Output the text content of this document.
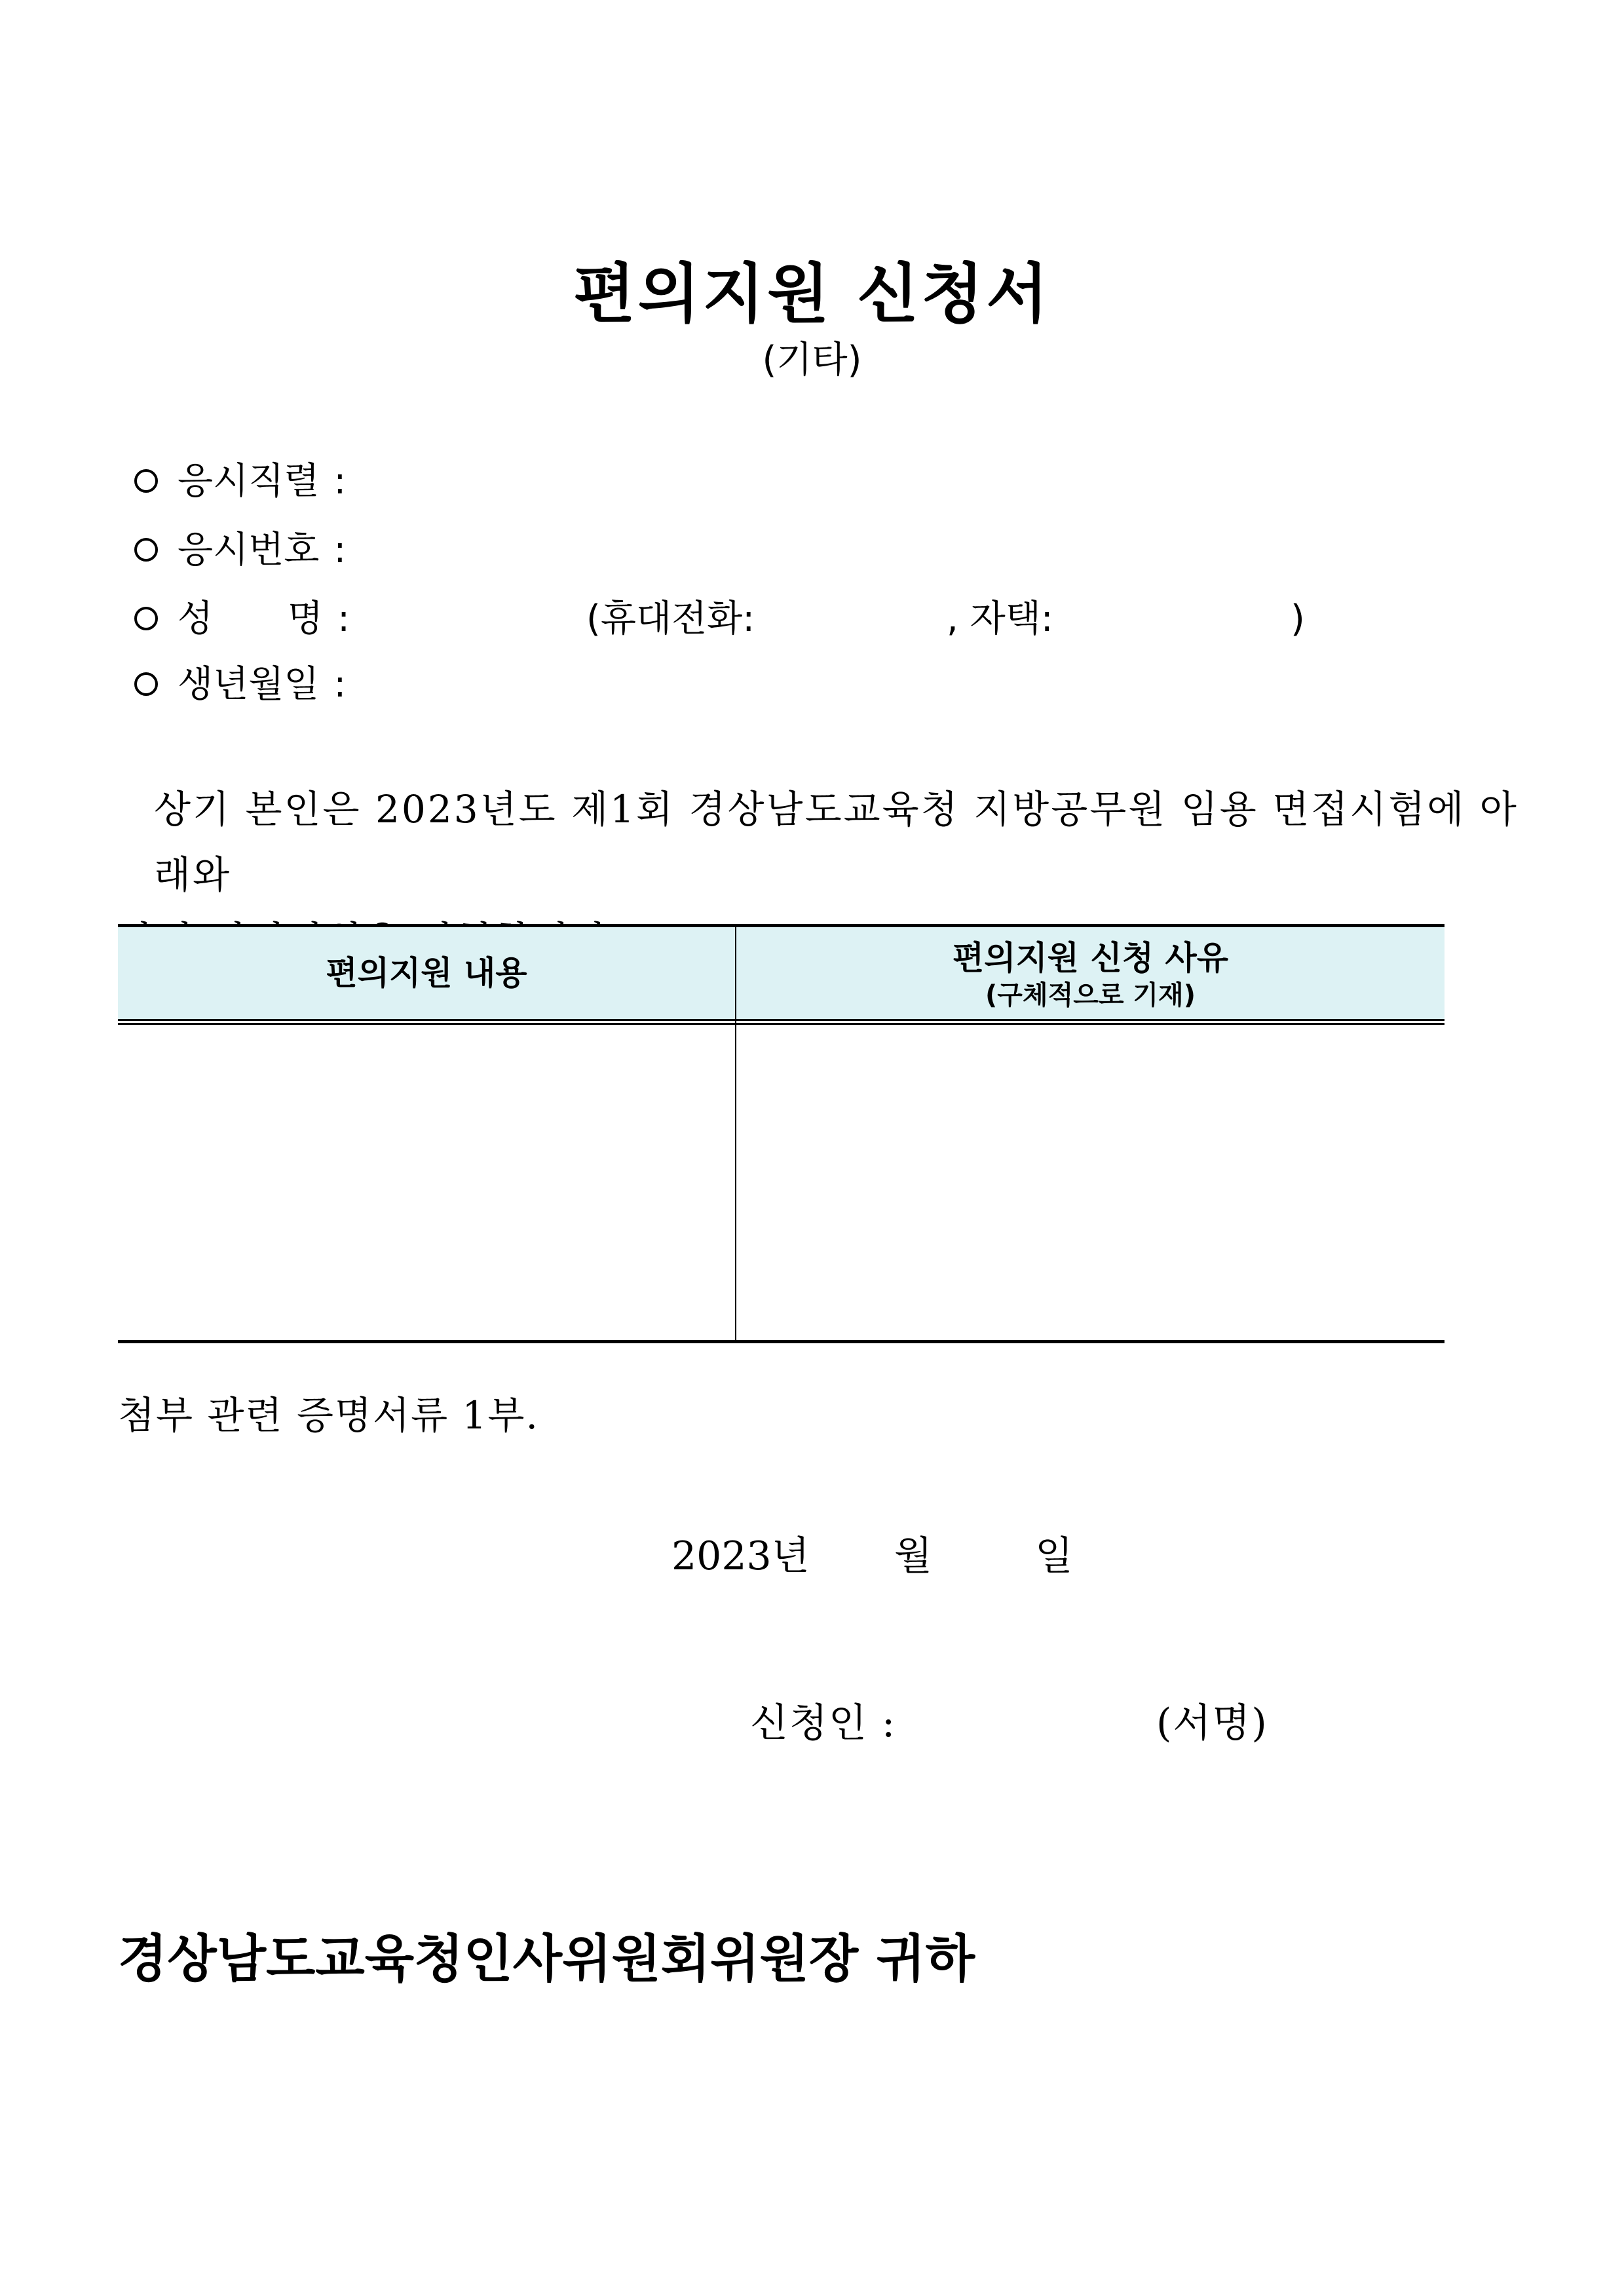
편의지원 신청서
(기타)
응시직렬 :
응시번호 :
성 명 :	(휴대전화:	, 자택:	)
생년월일 :
상기 본인은 2023년도 제1회 경상남도교육청 지방공무원 임용 면접시험에 아래와
편의지원 내용	편의지원 신청 사유
(구체적으로 기재)
첨부 관련 증명서류 1부.
2023년 월	일
신청인 :	(서명)
경상남도교육청인사위원회위원장 귀하
